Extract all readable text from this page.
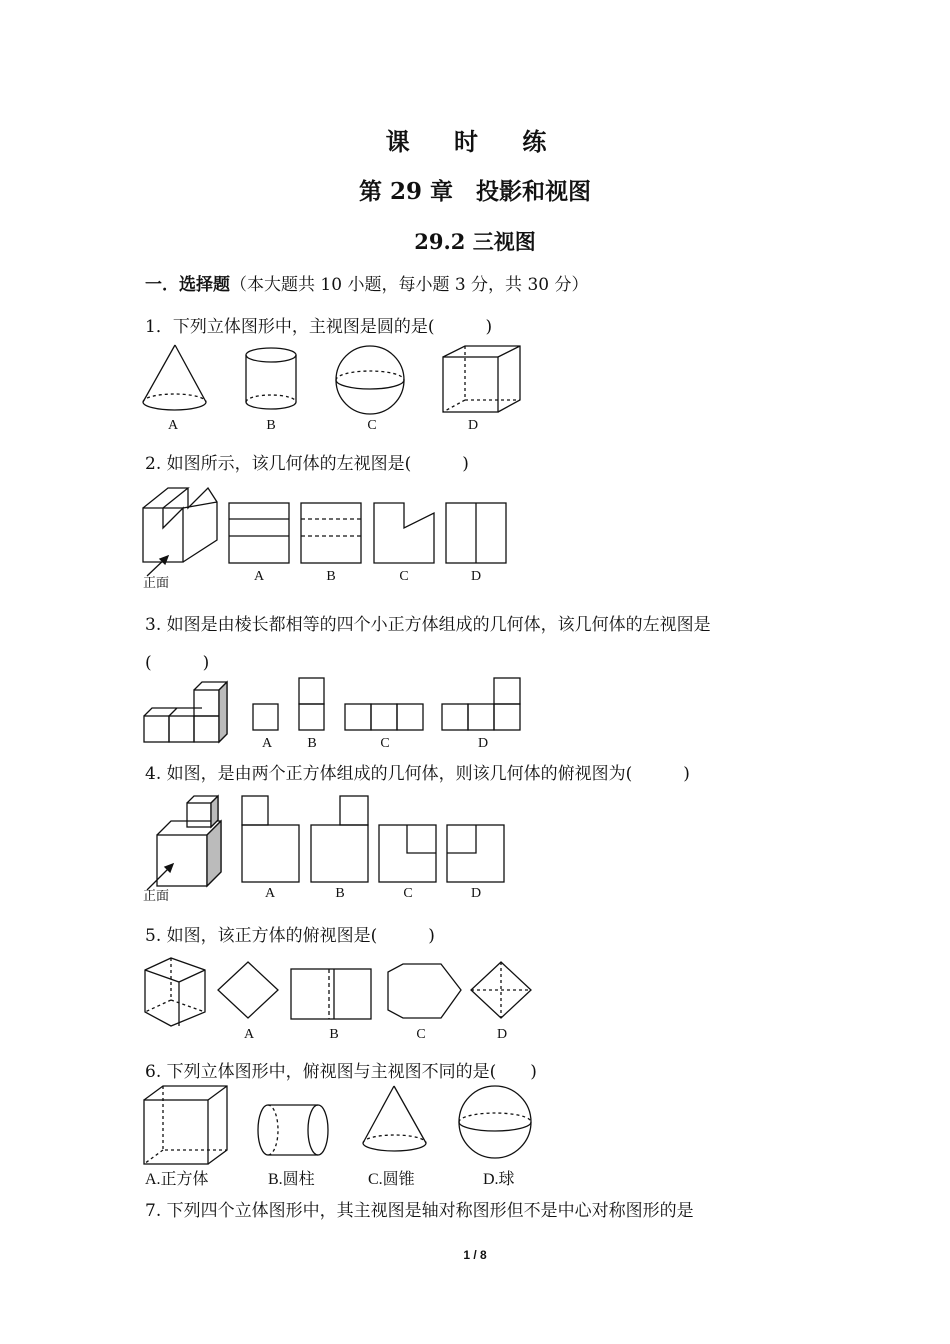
课 时 练
第 29 章　投影和视图
29.2 三视图
一．选择题（本大题共 10 小题，每小题 3 分，共 30 分）
1．下列立体图形中，主视图是圆的是(　　　)
A	B	C	D
2. 如图所示，该几何体的左视图是(　　　)
正面	A	B	C	D
3. 如图是由棱长都相等的四个小正方体组成的几何体，该几何体的左视图是
(　　　)
A	B	C	D
4. 如图，是由两个正方体组成的几何体，则该几何体的俯视图为(　　　)
正面	A	B	C	D
5. 如图，该正方体的俯视图是(　　　)
A	B	C	D
6. 下列立体图形中，俯视图与主视图不同的是(　　)
A.正方体	B.圆柱	C.圆锥	D.球
7. 下列四个立体图形中，其主视图是轴对称图形但不是中心对称图形的是
1 / 8
